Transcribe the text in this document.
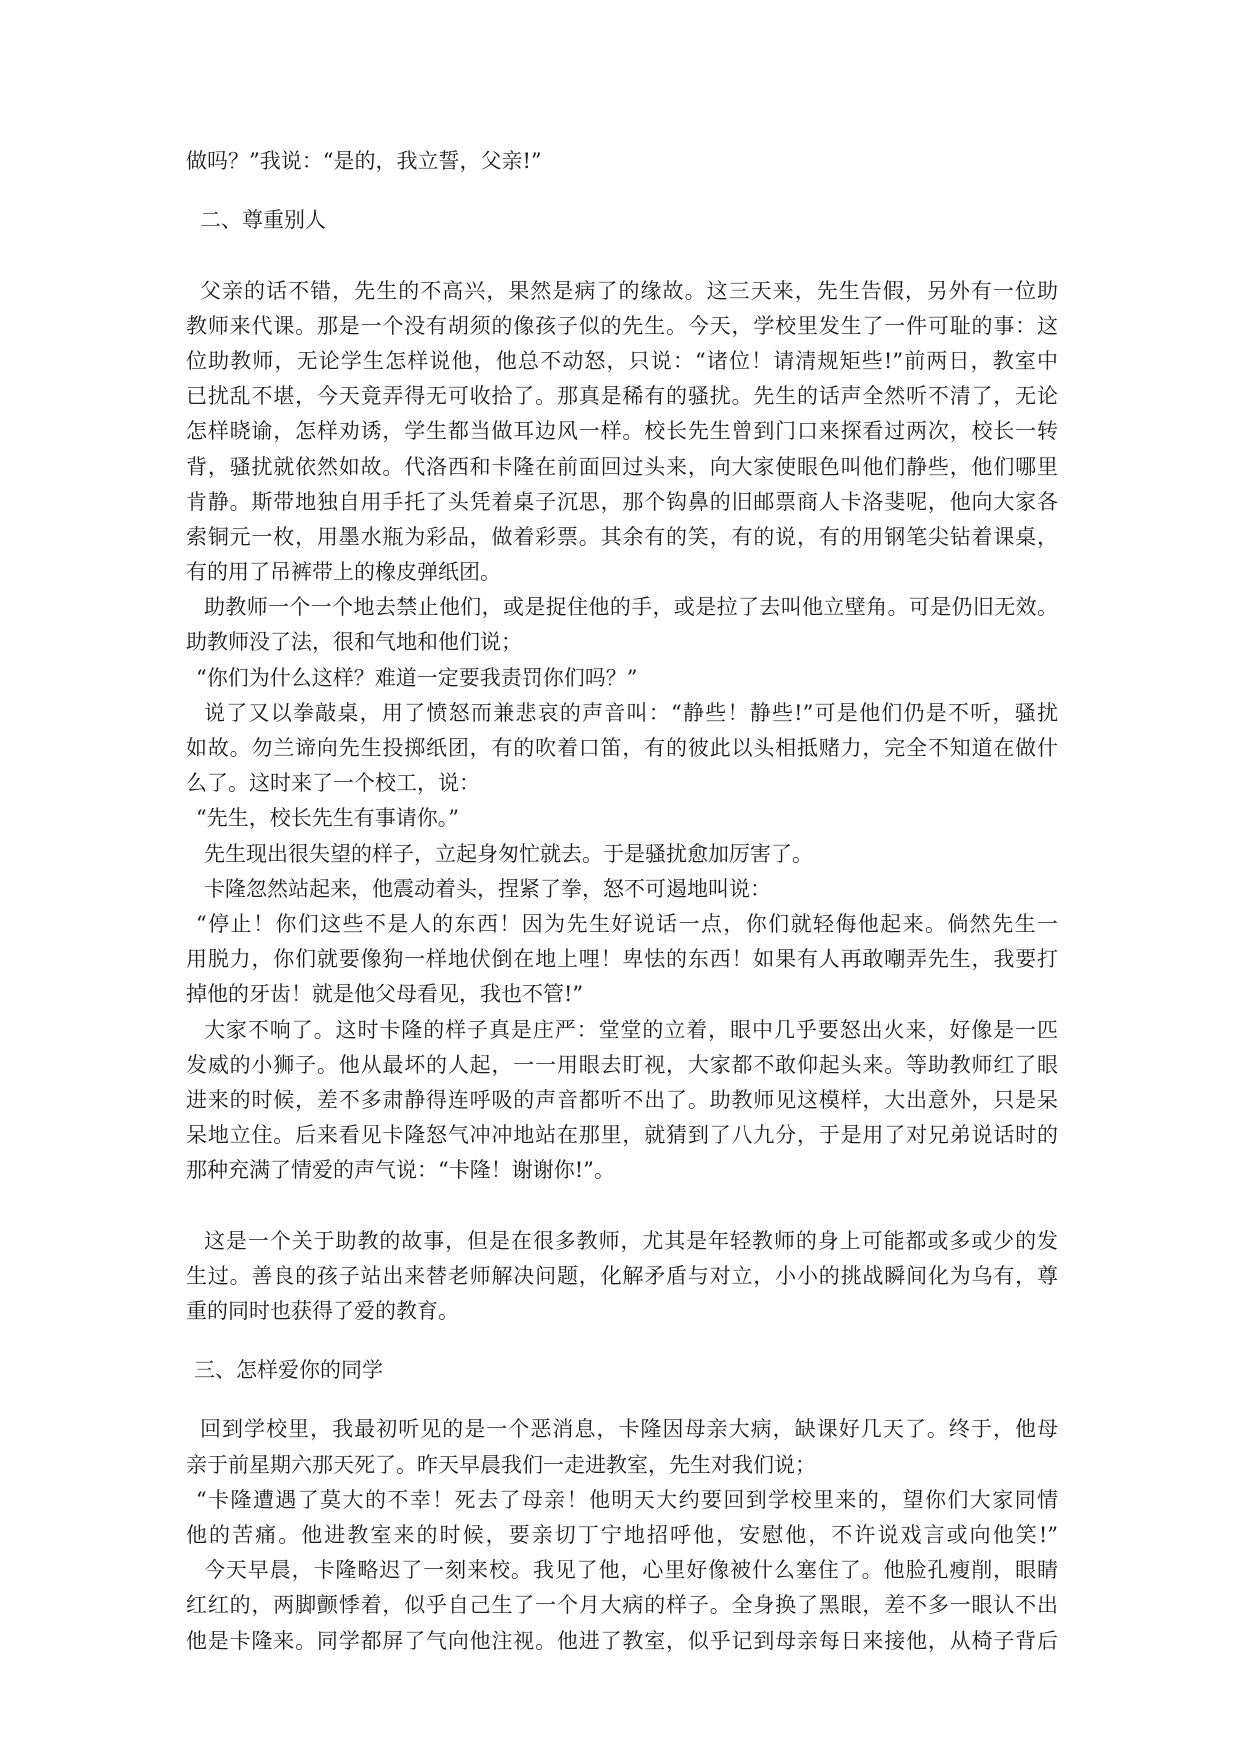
做吗？”我说：“是的，我立誓，父亲!”
二、尊重别人
父亲的话不错，先生的不高兴，果然是病了的缘故。这三天来，先生告假，另外有一位助
教师来代课。那是一个没有胡须的像孩子似的先生。今天，学校里发生了一件可耻的事：这
位助教师，无论学生怎样说他，他总不动怒，只说：“诸位！请清规矩些!”前两日，教室中
已扰乱不堪，今天竟弄得无可收拾了。那真是稀有的骚扰。先生的话声全然听不清了，无论
怎样晓谕，怎样劝诱，学生都当做耳边风一样。校长先生曾到门口来探看过两次，校长一转
背，骚扰就依然如故。代洛西和卡隆在前面回过头来，向大家使眼色叫他们静些，他们哪里
肯静。斯带地独自用手托了头凭着桌子沉思，那个钩鼻的旧邮票商人卡洛斐呢，他向大家各
索铜元一枚，用墨水瓶为彩品，做着彩票。其余有的笑，有的说，有的用钢笔尖钻着课桌，
有的用了吊裤带上的橡皮弹纸团。
助教师一个一个地去禁止他们，或是捉住他的手，或是拉了去叫他立壁角。可是仍旧无效。
助教师没了法，很和气地和他们说；
“你们为什么这样？难道一定要我责罚你们吗？”
说了又以拳敲桌，用了愤怒而兼悲哀的声音叫：“静些！静些!”可是他们仍是不听，骚扰
如故。勿兰谛向先生投掷纸团，有的吹着口笛，有的彼此以头相抵赌力，完全不知道在做什
么了。这时来了一个校工，说：
“先生，校长先生有事请你。”
先生现出很失望的样子，立起身匆忙就去。于是骚扰愈加厉害了。
卡隆忽然站起来，他震动着头，捏紧了拳，怒不可遏地叫说：
“停止！你们这些不是人的东西！因为先生好说话一点，你们就轻侮他起来。倘然先生一
用脱力，你们就要像狗一样地伏倒在地上哩！卑怯的东西！如果有人再敢嘲弄先生，我要打
掉他的牙齿！就是他父母看见，我也不管!”
大家不响了。这时卡隆的样子真是庄严：堂堂的立着，眼中几乎要怒出火来，好像是一匹
发威的小狮子。他从最坏的人起，一一用眼去盯视，大家都不敢仰起头来。等助教师红了眼
进来的时候，差不多肃静得连呼吸的声音都听不出了。助教师见这模样，大出意外，只是呆
呆地立住。后来看见卡隆怒气冲冲地站在那里，就猜到了八九分，于是用了对兄弟说话时的
那种充满了情爱的声气说：“卡隆！谢谢你!”。
这是一个关于助教的故事，但是在很多教师，尤其是年轻教师的身上可能都或多或少的发
生过。善良的孩子站出来替老师解决问题，化解矛盾与对立，小小的挑战瞬间化为乌有，尊
重的同时也获得了爱的教育。
三、怎样爱你的同学
回到学校里，我最初听见的是一个恶消息，卡隆因母亲大病，缺课好几天了。终于，他母
亲于前星期六那天死了。昨天早晨我们一走进教室，先生对我们说；
“卡隆遭遇了莫大的不幸！死去了母亲！他明天大约要回到学校里来的，望你们大家同情
他的苦痛。他进教室来的时候，要亲切丁宁地招呼他，安慰他，不许说戏言或向他笑!”
今天早晨，卡隆略迟了一刻来校。我见了他，心里好像被什么塞住了。他脸孔瘦削，眼睛
红红的，两脚颤悸着，似乎自己生了一个月大病的样子。全身换了黑眼，差不多一眼认不出
他是卡隆来。同学都屏了气向他注视。他进了教室，似乎记到母亲每日来接他，从椅子背后
